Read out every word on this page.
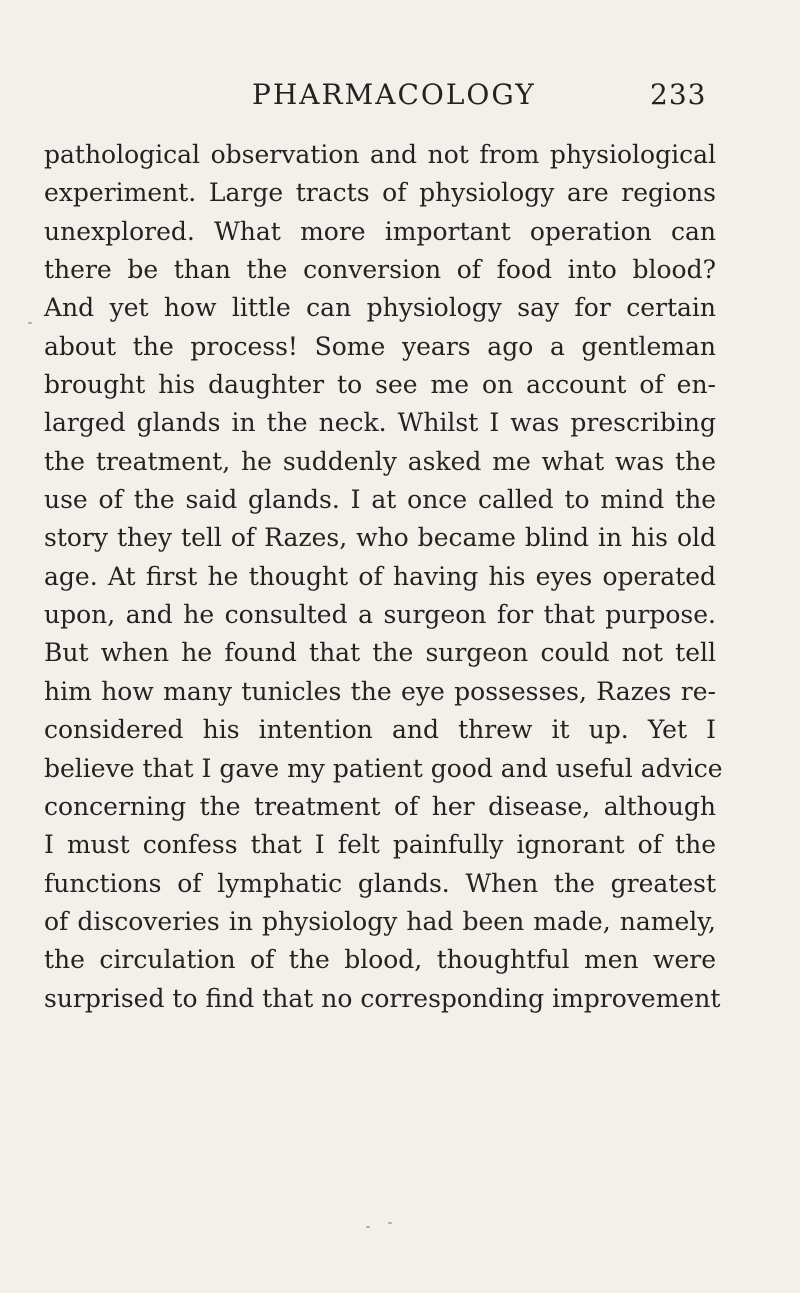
PHARMACOLOGY	233
pathological observation and not from physiological
experiment. Large tracts of physiology are regions
unexplored. What more important operation can
there be than the conversion of food into blood?
And yet how little can physiology say for certain
about the process! Some years ago a gentleman
brought his daughter to see me on account of en-
larged glands in the neck. Whilst I was prescribing
the treatment, he suddenly asked me what was the
use of the said glands. I at once called to mind the
story they tell of Razes, who became blind in his old
age. At first he thought of having his eyes operated
upon, and he consulted a surgeon for that purpose.
But when he found that the surgeon could not tell
him how many tunicles the eye possesses, Razes re-
considered his intention and threw it up. Yet I
believe that I gave my patient good and useful advice
concerning the treatment of her disease, although
I must confess that I felt painfully ignorant of the
functions of lymphatic glands. When the greatest
of discoveries in physiology had been made, namely,
the circulation of the blood, thoughtful men were
surprised to find that no corresponding improvement
